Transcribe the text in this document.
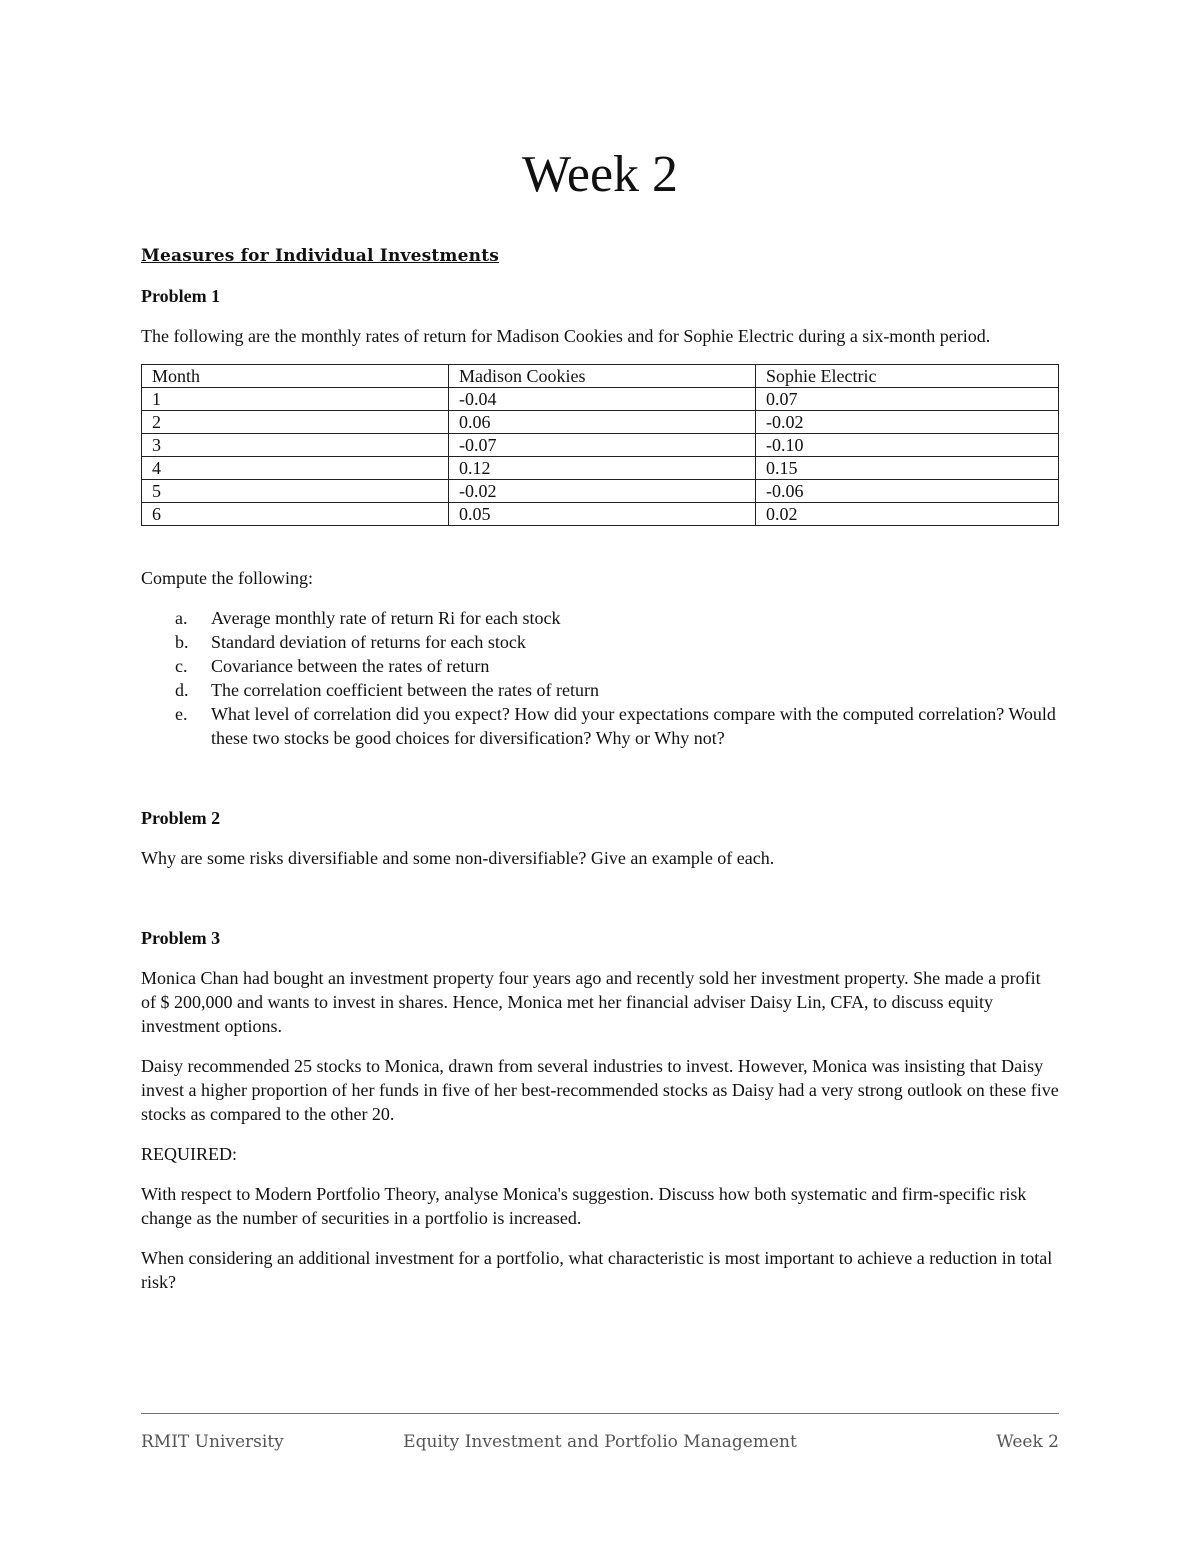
Week 2
Measures for Individual Investments
Problem 1

The following are the monthly rates of return for Madison Cookies and for Sophie Electric during a six-month period.

Month	Madison Cookies	Sophie Electric
1	-0.04	0.07
2	0.06	-0.02
3	-0.07	-0.10
4	0.12	0.15
5	-0.02	-0.06
6	0.05	0.02

Compute the following:

a. Average monthly rate of return Ri for each stock
b. Standard deviation of returns for each stock
c. Covariance between the rates of return
d. The correlation coefficient between the rates of return
e. What level of correlation did you expect? How did your expectations compare with the computed correlation? Would these two stocks be good choices for diversification? Why or Why not?
Problem 2

Why are some risks diversifiable and some non-diversifiable? Give an example of each.

Problem 3

Monica Chan had bought an investment property four years ago and recently sold her investment property. She made a profit of $ 200,000 and wants to invest in shares. Hence, Monica met her financial adviser Daisy Lin, CFA, to discuss equity investment options.

Daisy recommended 25 stocks to Monica, drawn from several industries to invest. However, Monica was insisting that Daisy invest a higher proportion of her funds in five of her best-recommended stocks as Daisy had a very strong outlook on these five stocks as compared to the other 20.

REQUIRED:

With respect to Modern Portfolio Theory, analyse Monica's suggestion. Discuss how both systematic and firm-specific risk change as the number of securities in a portfolio is increased.

When considering an additional investment for a portfolio, what characteristic is most important to achieve a reduction in total risk?

RMIT University	Equity Investment and Portfolio Management	Week 2
